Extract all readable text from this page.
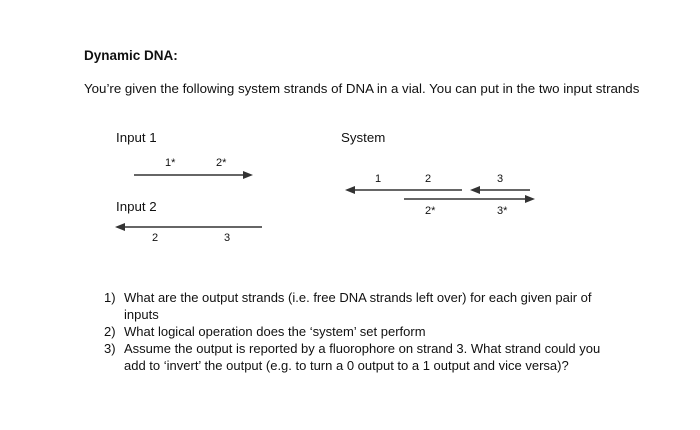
Dynamic DNA:
You’re given the following system strands of DNA in a vial. You can put in the two input strands
Input 1
1*	2*
Input 2
2	3
System
1	2	3
2*	3*
1) What are the output strands (i.e. free DNA strands left over) for each given pair of inputs
2) What logical operation does the ‘system’ set perform
3) Assume the output is reported by a fluorophore on strand 3. What strand could you add to ‘invert’ the output (e.g. to turn a 0 output to a 1 output and vice versa)?
